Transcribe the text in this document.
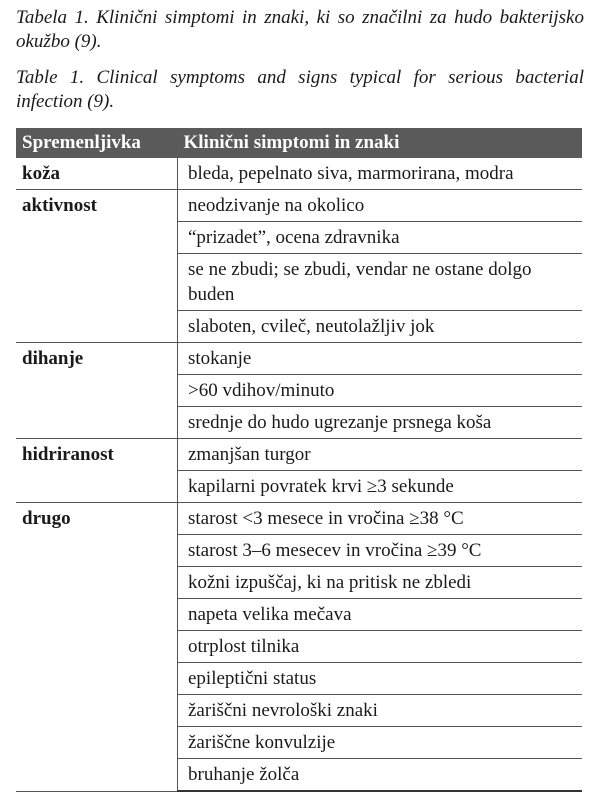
Tabela 1. Klinični simptomi in znaki, ki so značilni za hudo bakterijsko okužbo (9).

Table 1. Clinical symptoms and signs typical for serious bacterial infection (9).

Spremenljivka	Klinični simptomi in znaki
koža	bleda, pepelnato siva, marmorirana, modra
aktivnost	neodzivanje na okolico
	“prizadet”, ocena zdravnika
	se ne zbudi; se zbudi, vendar ne ostane dolgo buden
	slaboten, cvileč, neutolažljiv jok
dihanje	stokanje
	>60 vdihov/minuto
	srednje do hudo ugrezanje prsnega koša
hidriranost	zmanjšan turgor
	kapilarni povratek krvi ≥3 sekunde
drugo	starost <3 mesece in vročina ≥38 °C
	starost 3–6 mesecev in vročina ≥39 °C
	kožni izpuščaj, ki na pritisk ne zbledi
	napeta velika mečava
	otrplost tilnika
	epileptični status
	žariščni nevrološki znaki
	žariščne konvulzije
	bruhanje žolča
